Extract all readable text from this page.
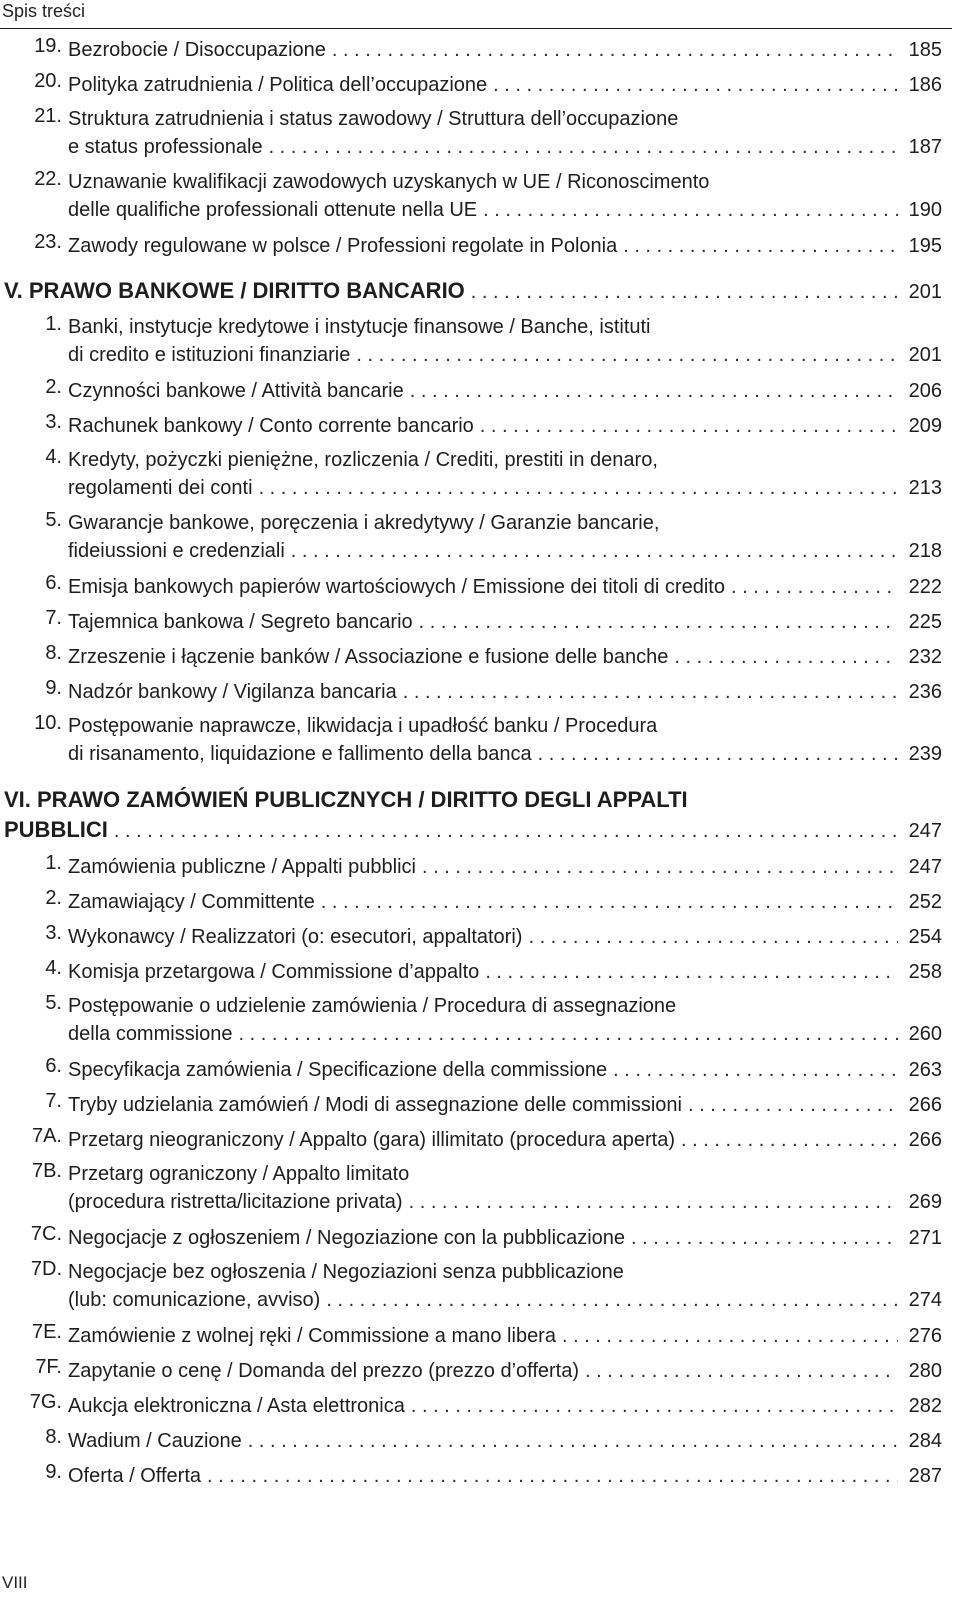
Spis treści
19. Bezrobocie / Disoccupazione . . .	185
20. Polityka zatrudnienia / Politica dell’occupazione . . .	186
21. Struktura zatrudnienia i status zawodowy / Struttura dell’occupazione
e status professionale . . .	187
22. Uznawanie kwalifikacji zawodowych uzyskanych w UE / Riconoscimento
delle qualifiche professionali ottenute nella UE . . .	190
23. Zawody regulowane w polsce / Professioni regolate in Polonia . . .	195
V. PRAWO BANKOWE / DIRITTO BANCARIO . . .	201
1. Banki, instytucje kredytowe i instytucje finansowe / Banche, istituti
di credito e istituzioni finanziarie . . .	201
2. Czynności bankowe / Attività bancarie . . .	206
3. Rachunek bankowy / Conto corrente bancario . . .	209
4. Kredyty, pożyczki pieniężne, rozliczenia / Crediti, prestiti in denaro,
regolamenti dei conti . . .	213
5. Gwarancje bankowe, poręczenia i akredytywy / Garanzie bancarie,
fideiussioni e credenziali . . .	218
6. Emisja bankowych papierów wartościowych / Emissione dei titoli di credito . . .	222
7. Tajemnica bankowa / Segreto bancario . . .	225
8. Zrzeszenie i łączenie banków / Associazione e fusione delle banche . . .	232
9. Nadzór bankowy / Vigilanza bancaria . . .	236
10. Postępowanie naprawcze, likwidacja i upadłość banku / Procedura
di risanamento, liquidazione e fallimento della banca . . .	239
VI. PRAWO ZAMÓWIEŃ PUBLICZNYCH / DIRITTO DEGLI APPALTI
PUBBLICI . . .	247
1. Zamówienia publiczne / Appalti pubblici . . .	247
2. Zamawiający / Committente . . .	252
3. Wykonawcy / Realizzatori (o: esecutori, appaltatori) . . .	254
4. Komisja przetargowa / Commissione d’appalto . . .	258
5. Postępowanie o udzielenie zamówienia / Procedura di assegnazione
della commissione . . .	260
6. Specyfikacja zamówienia / Specificazione della commissione . . .	263
7. Tryby udzielania zamówień / Modi di assegnazione delle commissioni . . .	266
7A. Przetarg nieograniczony / Appalto (gara) illimitato (procedura aperta) . . .	266
7B. Przetarg ograniczony / Appalto limitato
(procedura ristretta/licitazione privata) . . .	269
7C. Negocjacje z ogłoszeniem / Negoziazione con la pubblicazione . . .	271
7D. Negocjacje bez ogłoszenia / Negoziazioni senza pubblicazione
(lub: comunicazione, avviso) . . .	274
7E. Zamówienie z wolnej ręki / Commissione a mano libera . . .	276
7F. Zapytanie o cenę / Domanda del prezzo (prezzo d’offerta) . . .	280
7G. Aukcja elektroniczna / Asta elettronica . . .	282
8. Wadium / Cauzione . . .	284
9. Oferta / Offerta . . .	287
VIII
